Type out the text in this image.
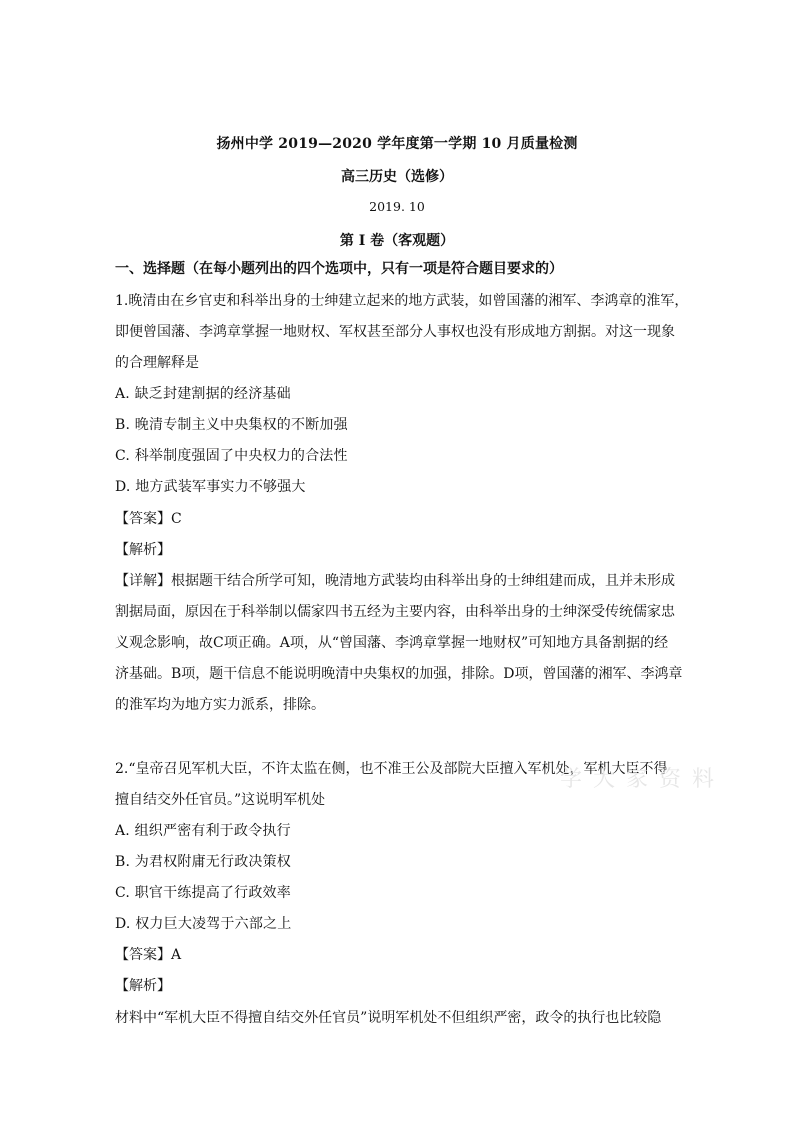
扬州中学 2019—2020 学年度第一学期 10 月质量检测
高三历史（选修）
2019. 10
第 Ⅰ 卷（客观题）
一、选择题（在每小题列出的四个选项中，只有一项是符合题目要求的）
1.晚清由在乡官吏和科举出身的士绅建立起来的地方武装，如曾国藩的湘军、李鸿章的淮军，
即便曾国藩、李鸿章掌握一地财权、军权甚至部分人事权也没有形成地方割据。对这一现象
的合理解释是
A. 缺乏封建割据的经济基础
B. 晚清专制主义中央集权的不断加强
C. 科举制度强固了中央权力的合法性
D. 地方武装军事实力不够强大
【答案】C
【解析】
【详解】根据题干结合所学可知，晚清地方武装均由科举出身的士绅组建而成，且并未形成
割据局面，原因在于科举制以儒家四书五经为主要内容，由科举出身的士绅深受传统儒家忠
义观念影响，故C项正确。A项，从“曾国藩、李鸿章掌握一地财权”可知地方具备割据的经
济基础。B项，题干信息不能说明晚清中央集权的加强，排除。D项，曾国藩的湘军、李鸿章
的淮军均为地方实力派系，排除。
2.“皇帝召见军机大臣，不许太监在侧，也不准王公及部院大臣擅入军机处，军机大臣不得
擅自结交外任官员。”这说明军机处
A. 组织严密有利于政令执行
B. 为君权附庸无行政决策权
C. 职官干练提高了行政效率
D. 权力巨大凌驾于六部之上
【答案】A
【解析】
材料中“军机大臣不得擅自结交外任官员”说明军机处不但组织严密，政令的执行也比较隐
学 大 家 资 料
